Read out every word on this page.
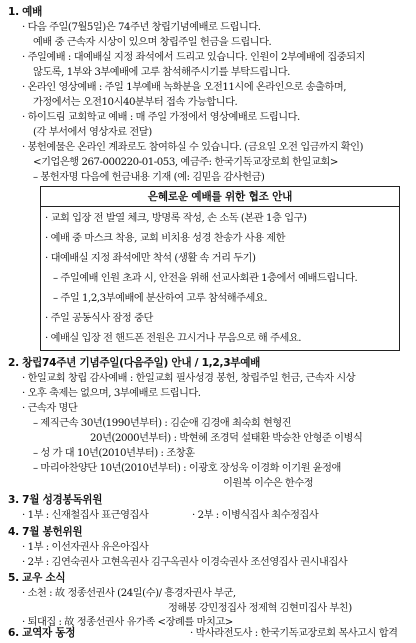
1. 예배
· 다음 주일(7월5일)은 74주년 창립기념예배로 드립니다.
예배 중 근속자 시상이 있으며 창립주일 헌금을 드립니다.
· 주일예배 : 대예배실 지정 좌석에서 드리고 있습니다. 인원이 2부예배에 집중되지
않도록, 1부와 3부예배에 고루 참석해주시기를 부탁드립니다.
· 온라인 영상예배 : 주일 1부예배 녹화분을 오전11시에 온라인으로 송출하며,
가정에서는 오전10시40분부터 접속 가능합니다.
· 하이드림 교회학교 예배 : 매 주일 가정에서 영상예배로 드립니다.
(각 부서에서 영상자료 전달)
· 봉헌예물은 온라인 계좌로도 참여하실 수 있습니다. (금요일 오전 입금까지 확인)
<기업은행 267-000220-01-053, 예금주: 한국기독교장로회 한일교회>
– 봉헌자명 다음에 헌금내용 기재 (예: 김믿음 감사헌금)
은혜로운 예배를 위한 협조 안내
· 교회 입장 전 발열 체크, 방명록 작성, 손 소독 (본관 1층 입구)
· 예배 중 마스크 착용, 교회 비치용 성경 찬송가 사용 제한
· 대예배실 지정 좌석에만 착석 (생활 속 거리 두기)
– 주일예배 인원 초과 시, 안전을 위해 선교사회관 1층에서 예배드립니다.
– 주일 1,2,3부예배에 분산하여 고루 참석해주세요.
· 주일 공동식사 잠정 중단
· 예배실 입장 전 핸드폰 전원은 끄시거나 무음으로 해 주세요.
2. 창립74주년 기념주일(다음주일) 안내 / 1,2,3부예배
· 한일교회 창립 감사예배 : 한일교회 필사성경 봉헌, 창립주일 헌금, 근속자 시상
· 오후 축제는 없으며, 3부예배로 드립니다.
· 근속자 명단
– 제직근속 30년(1990년부터) : 김순애 김경애 최숙희 현형진
20년(2000년부터) : 박현혜 조경덕 설태환 박승찬 안형준 이병식
– 성 가 대 10년(2010년부터) : 조창훈
– 마리아찬양단 10년(2010년부터) : 이광호 장성욱 이경화 이기원 윤정애
이원복 이수은 한수정
3. 7월 성경봉독위원
· 1부 : 신재철집사 표근영집사	· 2부 : 이병식집사 최수정집사
4. 7월 봉헌위원
· 1부 : 이선자권사 유은아집사
· 2부 : 김연숙권사 고현옥권사 김구옥권사 이경숙권사 조선영집사 권시내집사
5. 교우 소식
· 소천 : 故 정종선권사 (24일(수)/ 흥경자권사 부군,
정해봉 강민정집사 정제혁 김현미집사 부친)
· 퇴대집 : 故 정종선권사 유가족 <장례를 마치고>
6. 교역자 동정	· 박사라전도사 : 한국기독교장로회 목사고시 합격
